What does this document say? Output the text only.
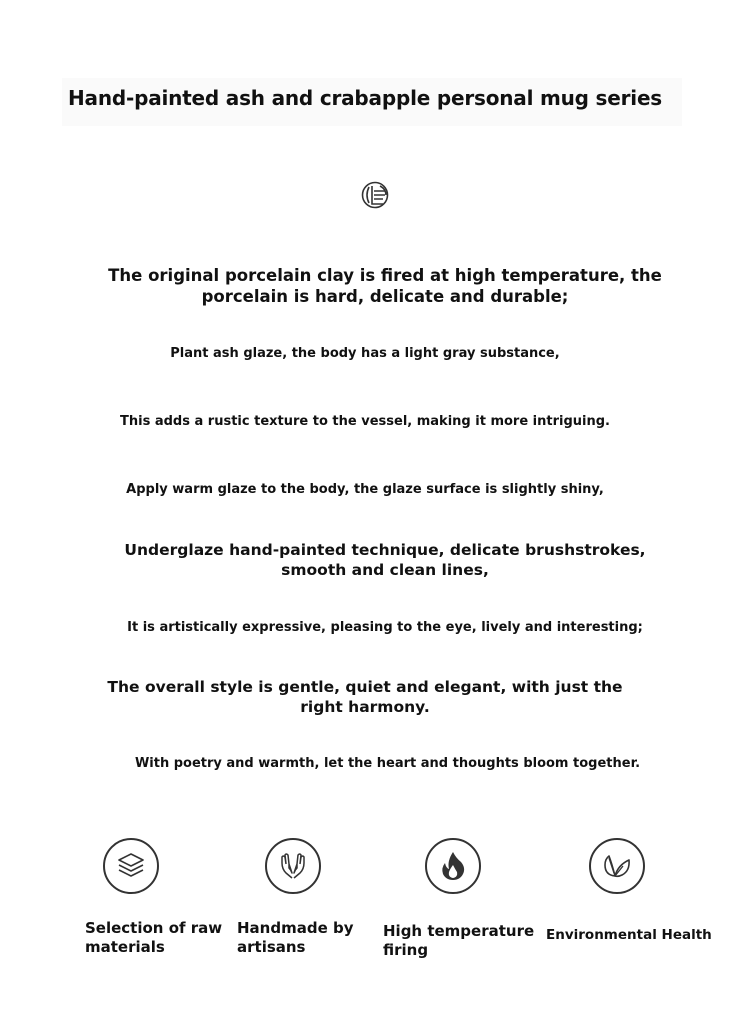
Hand-painted ash and crabapple personal mug series

The original porcelain clay is fired at high temperature, the porcelain is hard, delicate and durable;

Plant ash glaze, the body has a light gray substance,

This adds a rustic texture to the vessel, making it more intriguing.

Apply warm glaze to the body, the glaze surface is slightly shiny,

Underglaze hand-painted technique, delicate brushstrokes, smooth and clean lines,

It is artistically expressive, pleasing to the eye, lively and interesting;

The overall style is gentle, quiet and elegant, with just the right harmony.

With poetry and warmth, let the heart and thoughts bloom together.

Selection of raw materials
Handmade by artisans
High temperature firing
Environmental Health
